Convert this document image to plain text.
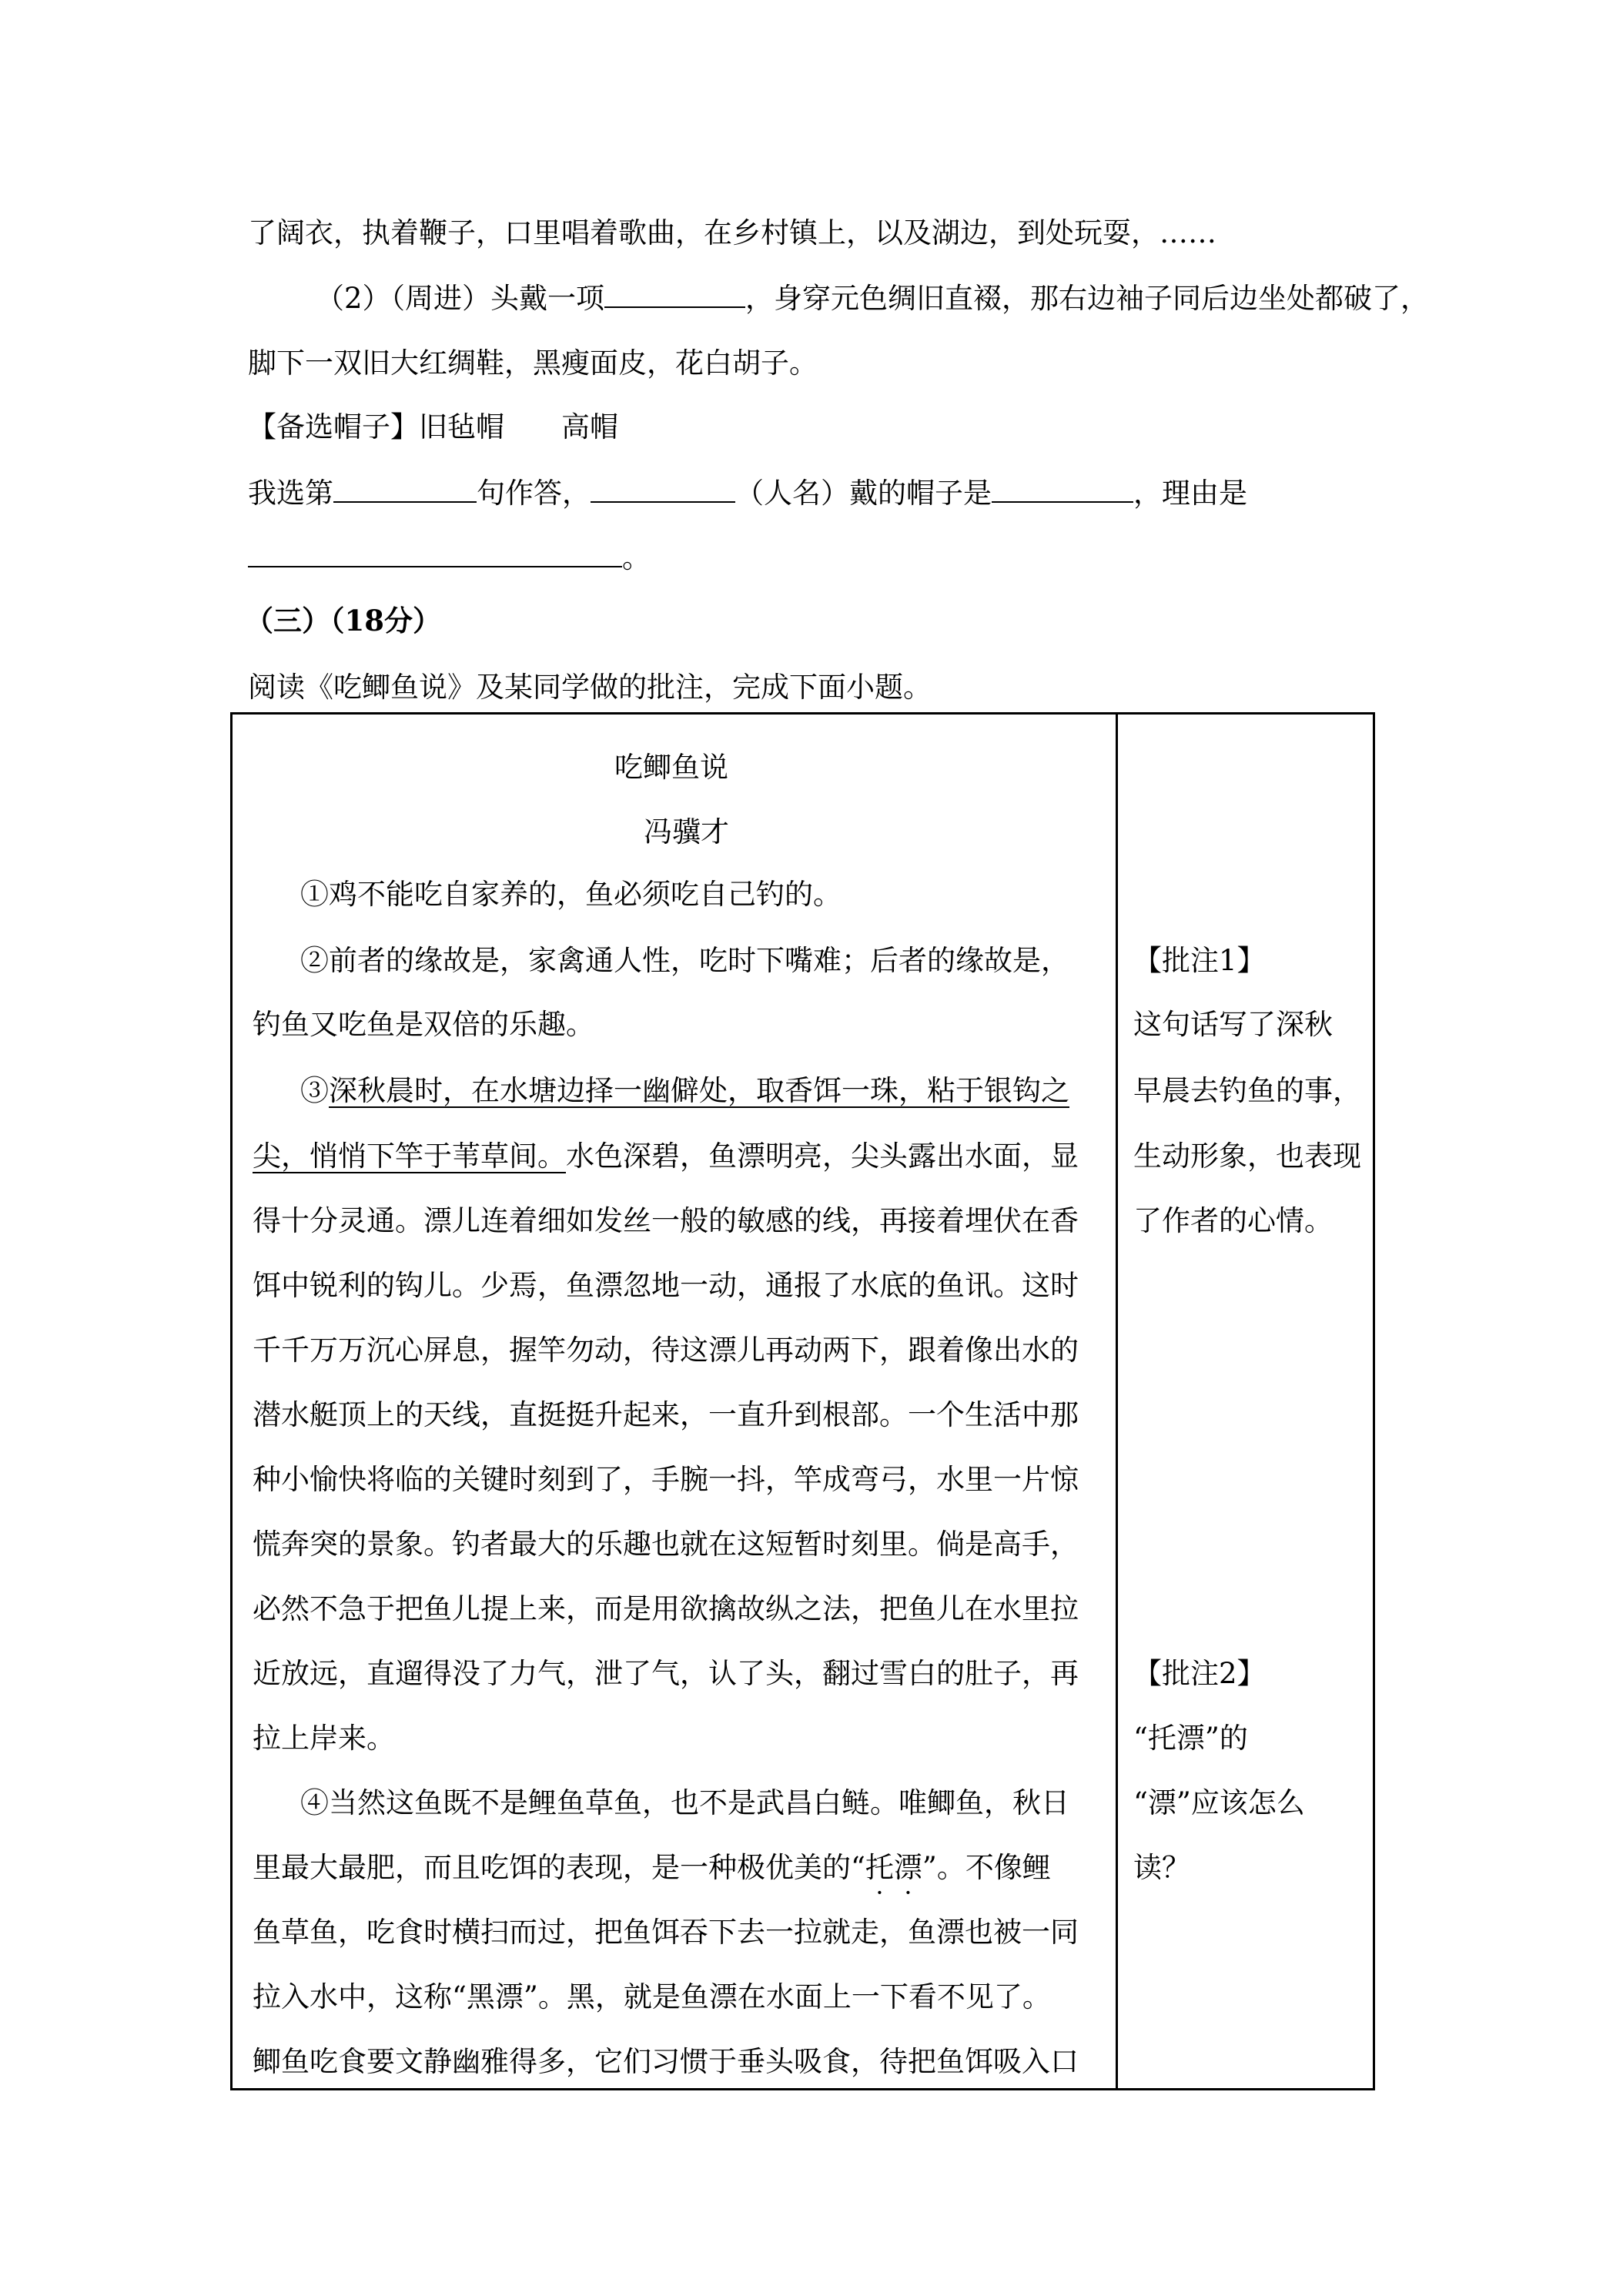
了阔衣，执着鞭子，口里唱着歌曲，在乡村镇上，以及湖边，到处玩耍，……
（2）（周进）头戴一项	，身穿元色绸旧直裰，那右边袖子同后边坐处都破了，
脚下一双旧大红绸鞋，黑瘦面皮，花白胡子。
【备选帽子】旧毡帽　　高帽
我选第	句作答，	（人名）戴的帽子是	，理由是
。
（三）（18分）
阅读《吃鲫鱼说》及某同学做的批注，完成下面小题。
吃鲫鱼说
冯骥才
①鸡不能吃自家养的，鱼必须吃自己钓的。
②前者的缘故是，家禽通人性，吃时下嘴难；后者的缘故是，
钓鱼又吃鱼是双倍的乐趣。
③深秋晨时，在水塘边择一幽僻处，取香饵一珠，粘于银钩之
尖，悄悄下竿于苇草间。水色深碧，鱼漂明亮，尖头露出水面，显
得十分灵通。漂儿连着细如发丝一般的敏感的线，再接着埋伏在香
饵中锐利的钩儿。少焉，鱼漂忽地一动，通报了水底的鱼讯。这时
千千万万沉心屏息，握竿勿动，待这漂儿再动两下，跟着像出水的
潜水艇顶上的天线，直挺挺升起来，一直升到根部。一个生活中那
种小愉快将临的关键时刻到了，手腕一抖，竿成弯弓，水里一片惊
慌奔突的景象。钓者最大的乐趣也就在这短暂时刻里。倘是高手，
必然不急于把鱼儿提上来，而是用欲擒故纵之法，把鱼儿在水里拉
近放远，直遛得没了力气，泄了气，认了头，翻过雪白的肚子，再
拉上岸来。
④当然这鱼既不是鲤鱼草鱼，也不是武昌白鲢。唯鲫鱼，秋日
里最大最肥，而且吃饵的表现，是一种极优美的“托漂”。不像鲤
鱼草鱼，吃食时横扫而过，把鱼饵吞下去一拉就走，鱼漂也被一同
拉入水中，这称“黑漂”。黑，就是鱼漂在水面上一下看不见了。
鲫鱼吃食要文静幽雅得多，它们习惯于垂头吸食，待把鱼饵吸入口
【批注1】
这句话写了深秋
早晨去钓鱼的事，
生动形象，也表现
了作者的心情。
【批注2】
“托漂”的
“漂”应该怎么
读？
